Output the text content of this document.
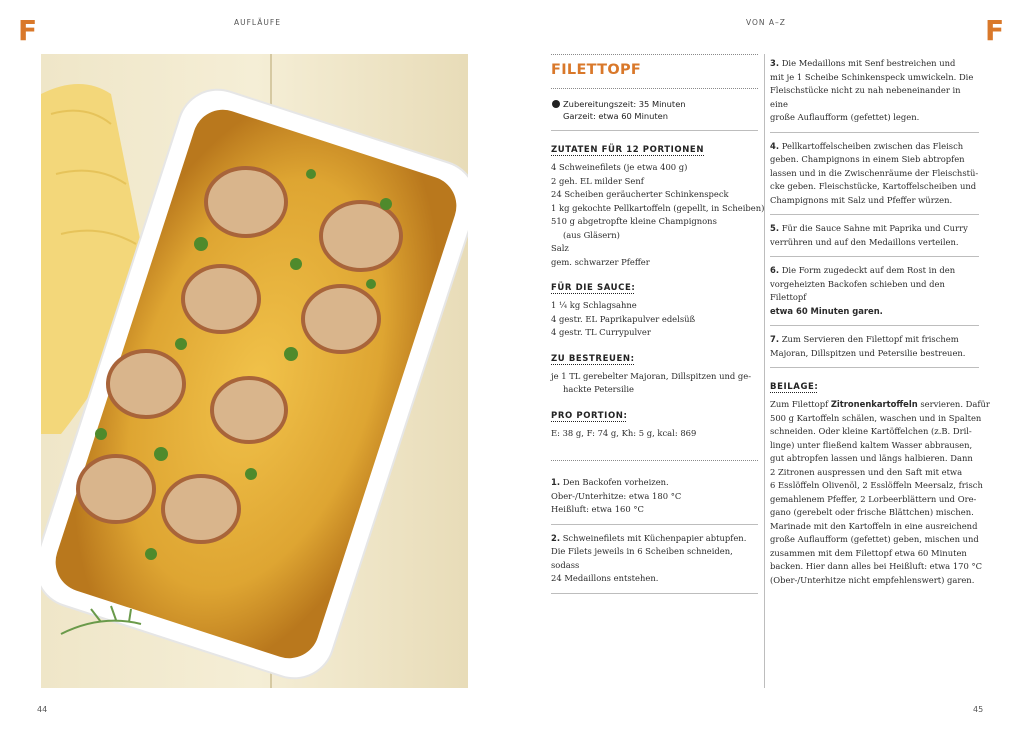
F	F
AUFLÄUFE	VON A–Z
44	45
FILETTOPF
Zubereitungszeit: 35 Minuten
Garzeit: etwa 60 Minuten
ZUTATEN FÜR 12 PORTIONEN
4 Schweinefilets (je etwa 400 g)
2 geh. EL milder Senf
24 Scheiben geräucherter Schinkenspeck
1 kg gekochte Pellkartoffeln (gepellt, in Scheiben)
510 g abgetropfte kleine Champignons
(aus Gläsern)
Salz
gem. schwarzer Pfeffer
FÜR DIE SAUCE:
1 ¼ kg Schlagsahne
4 gestr. EL Paprikapulver edelsüß
4 gestr. TL Currypulver
ZU BESTREUEN:
je 1 TL gerebelter Majoran, Dillspitzen und ge-
hackte Petersilie
PRO PORTION:
E: 38 g, F: 74 g, Kh: 5 g, kcal: 869
1. Den Backofen vorheizen.
Ober-/Unterhitze: etwa 180 °C
Heißluft: etwa 160 °C
2. Schweinefilets mit Küchenpapier abtupfen.
Die Filets jeweils in 6 Scheiben schneiden, sodass
24 Medaillons entstehen.
3. Die Medaillons mit Senf bestreichen und
mit je 1 Scheibe Schinkenspeck umwickeln. Die
Fleischstücke nicht zu nah nebeneinander in eine
große Auflaufform (gefettet) legen.
4. Pellkartoffelscheiben zwischen das Fleisch
geben. Champignons in einem Sieb abtropfen
lassen und in die Zwischenräume der Fleischstü-
cke geben. Fleischstücke, Kartoffelscheiben und
Champignons mit Salz und Pfeffer würzen.
5. Für die Sauce Sahne mit Paprika und Curry
verrühren und auf den Medaillons verteilen.
6. Die Form zugedeckt auf dem Rost in den
vorgeheizten Backofen schieben und den Filettopf
etwa 60 Minuten garen.
7. Zum Servieren den Filettopf mit frischem
Majoran, Dillspitzen und Petersilie bestreuen.
BEILAGE:
Zum Filettopf Zitronenkartoffeln servieren. Dafür
500 g Kartoffeln schälen, waschen und in Spalten
schneiden. Oder kleine Kartöffelchen (z.B. Dril-
linge) unter fließend kaltem Wasser abbrausen,
gut abtropfen lassen und längs halbieren. Dann
2 Zitronen auspressen und den Saft mit etwa
6 Esslöffeln Olivenöl, 2 Esslöffeln Meersalz, frisch
gemahlenem Pfeffer, 2 Lorbeerblättern und Ore-
gano (gerebelt oder frische Blättchen) mischen.
Marinade mit den Kartoffeln in eine ausreichend
große Auflaufform (gefettet) geben, mischen und
zusammen mit dem Filettopf etwa 60 Minuten
backen. Hier dann alles bei Heißluft: etwa 170 °C
(Ober-/Unterhitze nicht empfehlenswert) garen.
